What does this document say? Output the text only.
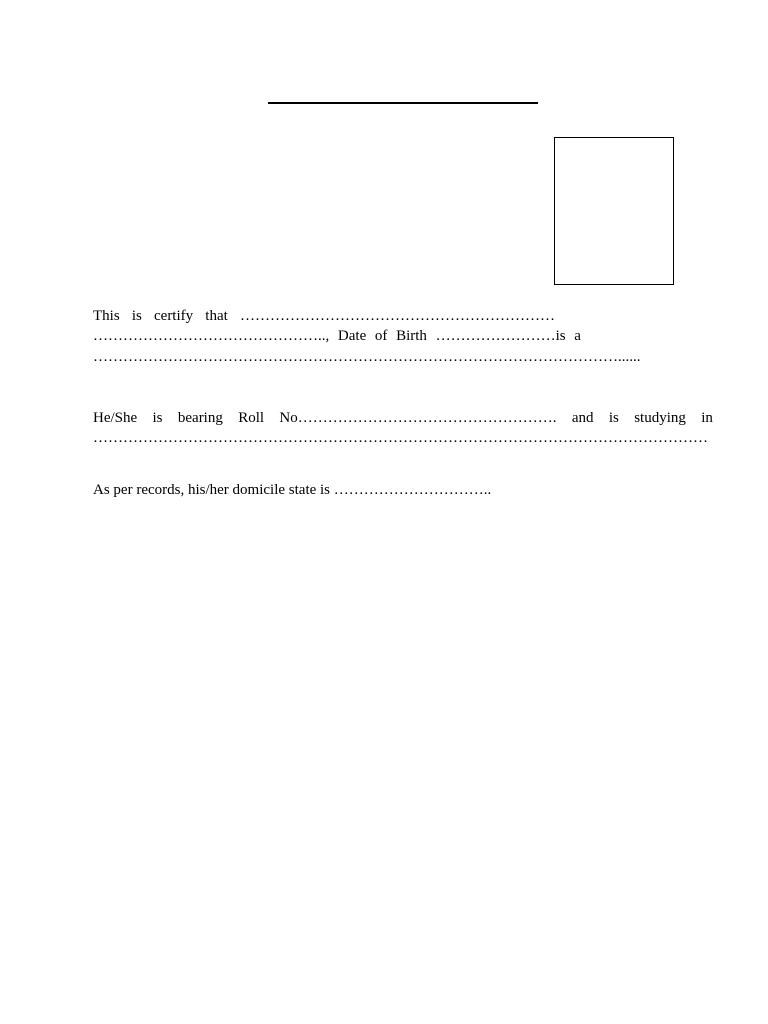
This is certify that ………………………………………………………
……………………………………….., Date of Birth ……………………is a
……………………………………………………………………………………………......
He/She is bearing Roll No……………………………………………. and is studying in
……………………………………………………………………………………………………………
As per records, his/her domicile state is …………………………..
